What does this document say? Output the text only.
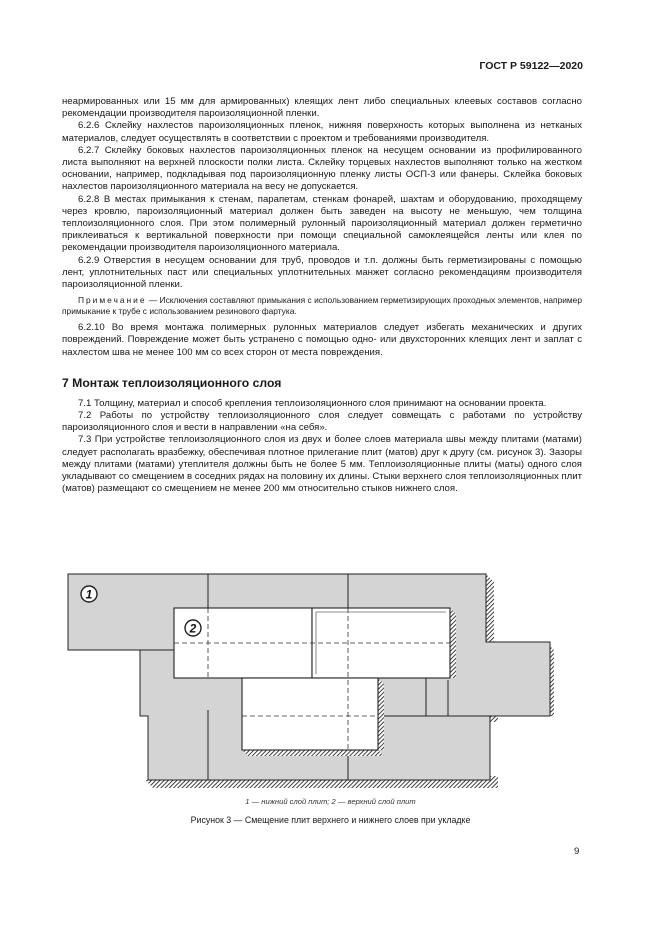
ГОСТ Р 59122—2020

неармированных или 15 мм для армированных) клеящих лент либо специальных клеевых составов согласно рекомендации производителя пароизоляционной пленки.

6.2.6 Склейку нахлестов пароизоляционных пленок, нижняя поверхность которых выполнена из нетканых материалов, следует осуществлять в соответствии с проектом и требованиями производителя.

6.2.7 Склейку боковых нахлестов пароизоляционных пленок на несущем основании из профилированного листа выполняют на верхней плоскости полки листа. Склейку торцевых нахлестов выполняют только на жестком основании, например, подкладывая под пароизоляционную пленку листы ОСП-3 или фанеры. Склейка боковых нахлестов пароизоляционного материала на весу не допускается.

6.2.8 В местах примыкания к стенам, парапетам, стенкам фонарей, шахтам и оборудованию, проходящему через кровлю, пароизоляционный материал должен быть заведен на высоту не меньшую, чем толщина теплоизоляционного слоя. При этом полимерный рулонный пароизоляционный материал должен герметично приклеиваться к вертикальной поверхности при помощи специальной самоклеящейся ленты или клея по рекомендации производителя пароизоляционного материала.

6.2.9 Отверстия в несущем основании для труб, проводов и т.п. должны быть герметизированы с помощью лент, уплотнительных паст или специальных уплотнительных манжет согласно рекомендациям производителя пароизоляционной пленки.

Примечание — Исключения составляют примыкания с использованием герметизирующих проходных элементов, например примыкание к трубе с использованием резинового фартука.

6.2.10 Во время монтажа полимерных рулонных материалов следует избегать механических и других повреждений. Повреждение может быть устранено с помощью одно- или двухсторонних клеящих лент и заплат с нахлестом шва не менее 100 мм со всех сторон от места повреждения.

7 Монтаж теплоизоляционного слоя

7.1 Толщину, материал и способ крепления теплоизоляционного слоя принимают на основании проекта.

7.2 Работы по устройству теплоизоляционного слоя следует совмещать с работами по устройству пароизоляционного слоя и вести в направлении «на себя».

7.3 При устройстве теплоизоляционного слоя из двух и более слоев материала швы между плитами (матами) следует располагать вразбежку, обеспечивая плотное прилегание плит (матов) друг к другу (см. рисунок 3). Зазоры между плитами (матами) утеплителя должны быть не более 5 мм. Теплоизоляционные плиты (маты) одного слоя укладывают со смещением в соседних рядах на половину их длины. Стыки верхнего слоя теплоизоляционных плит (матов) размещают со смещением не менее 200 мм относительно стыков нижнего слоя.

1
2
1 — нижний слой плит; 2 — верхний слой плит
Рисунок 3 — Смещение плит верхнего и нижнего слоев при укладке
9
